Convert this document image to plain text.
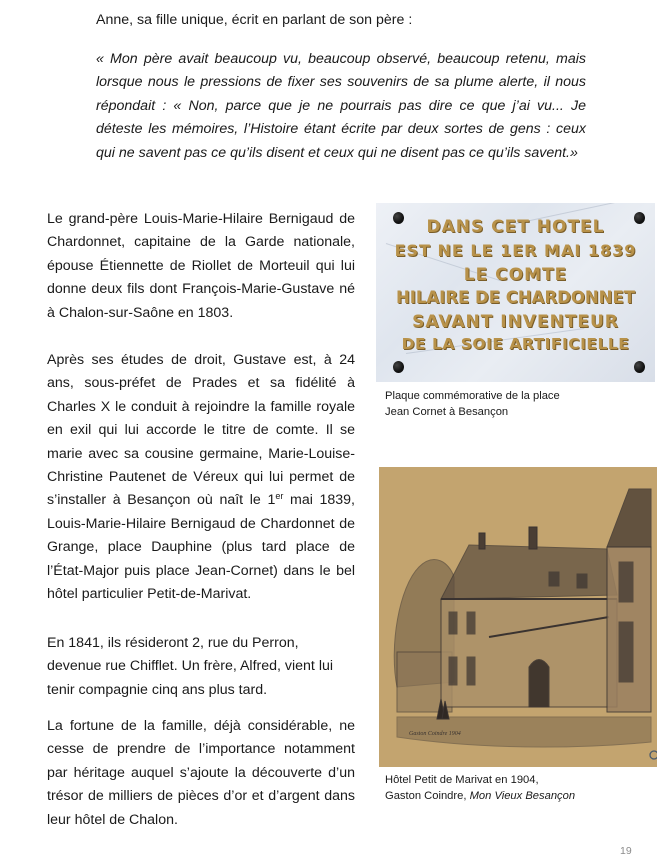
Anne, sa fille unique, écrit en parlant de son père :

« Mon père avait beaucoup vu, beaucoup observé, beaucoup retenu, mais lorsque nous le pressions de fixer ses souvenirs de sa plume alerte, il nous répondait : « Non, parce que je ne pourrais pas dire ce que j’ai vu... Je déteste les mémoires, l’Histoire étant écrite par deux sortes de gens : ceux qui ne savent pas ce qu’ils disent et ceux qui ne disent pas ce qu’ils savent.»

Le grand-père Louis-Marie-Hilaire Bernigaud de Chardonnet, capitaine de la Garde nationale, épouse Étiennette de Riollet de Morteuil qui lui donne deux fils dont François-Marie-Gustave né à Chalon-sur-Saône en 1803.

Après ses études de droit, Gustave est, à 24 ans, sous-préfet de Prades et sa fidélité à Charles X le conduit à rejoindre la famille royale en exil qui lui accorde le titre de comte. Il se marie avec sa cousine germaine, Marie-Louise-Christine Pautenet de Véreux qui lui permet de s’installer à Besançon où naît le 1er mai 1839, Louis-Marie-Hilaire Bernigaud de Chardonnet de Grange, place Dauphine (plus tard place de l’État-Major puis place Jean-Cornet) dans le bel hôtel particulier Petit-de-Marivat.

En 1841, ils résideront 2, rue du Perron, devenue rue Chifflet. Un frère, Alfred, vient lui tenir compagnie cinq ans plus tard.

La fortune de la famille, déjà considérable, ne cesse de prendre de l’importance notamment par héritage auquel s’ajoute la découverte d’un trésor de milliers de pièces d’or et d’argent dans leur hôtel de Chalon.

DANS CET HOTEL
EST NE LE 1ER MAI 1839
LE COMTE
HILAIRE DE CHARDONNET
SAVANT INVENTEUR
DE LA SOIE ARTIFICIELLE
Plaque commémorative de la place
Jean Cornet à Besançon
Gaston Coindre 1904
Hôtel Petit de Marivat en 1904,
Gaston Coindre, Mon Vieux Besançon
19
